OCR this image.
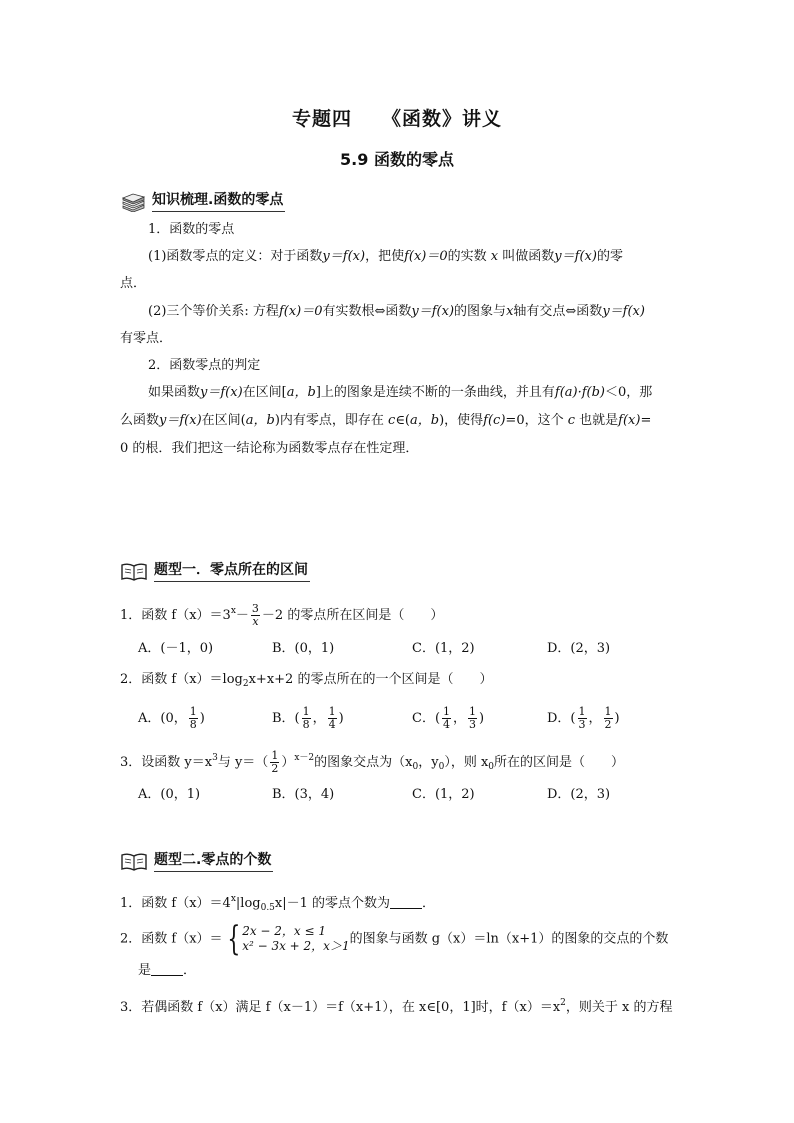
专题四 《函数》讲义
5.9 函数的零点
知识梳理.函数的零点
1．函数的零点
(1)函数零点的定义：对于函数y＝f(x)，把使f(x)＝0的实数 x 叫做函数y＝f(x)的零
点．
(2)三个等价关系: 方程f(x)＝0有实数根⇔函数y＝f(x)的图象与x轴有交点⇔函数y＝f(x)
有零点．
2．函数零点的判定
如果函数y＝f(x)在区间[a，b]上的图象是连续不断的一条曲线，并且有f(a)·f(b)＜0，那
么函数y＝f(x)在区间(a，b)内有零点，即存在 c∈(a，b)，使得f(c)=0，这个 c 也就是f(x)=
0 的根．我们把这一结论称为函数零点存在性定理．
题型一．零点所在的区间
1．函数 $f(x)=3^x- \frac{3}{x} -2$ 的零点所在区间是（　　）
A．(－1，0)	B．(0，1)	C．(1，2)	D．(2，3)
2．函数 $f(x)=\log_2x+x+2$ 的零点所在的一个区间是（　　）
A．(0， $\frac{1}{8}$ )	B．( $\frac{1}{8}$ ， $\frac{1}{4}$ )	C．( $\frac{1}{4}$ ， $\frac{1}{3}$ )	D．( $\frac{1}{3}$ ， $\frac{1}{2}$ )
3．设函数 $y=x^3$与 $y=( \frac{1}{2} )^{x-2}$的图象交点为（$x_0$，$y_0$），则 $x_0$所在的区间是（　　）
A．(0，1)	B．(3，4)	C．(1，2)	D．(2，3)
题型二.零点的个数
1．函数 $f(x)=4^x|\log_{0.5}x|-1$ 的零点个数为 ．
2．函数 f（x）＝ { 2x − 2，x ≤ 1
x² − 3x + 2，x＞1 的图象与函数 g（x）＝ln（x+1）的图象的交点的个数
是 ．
3．若偶函数 f（x）满足 f（x－1）＝f（x+1），在 x∈[0，1]时，$f(x)=x^2$，则关于 x 的方程
